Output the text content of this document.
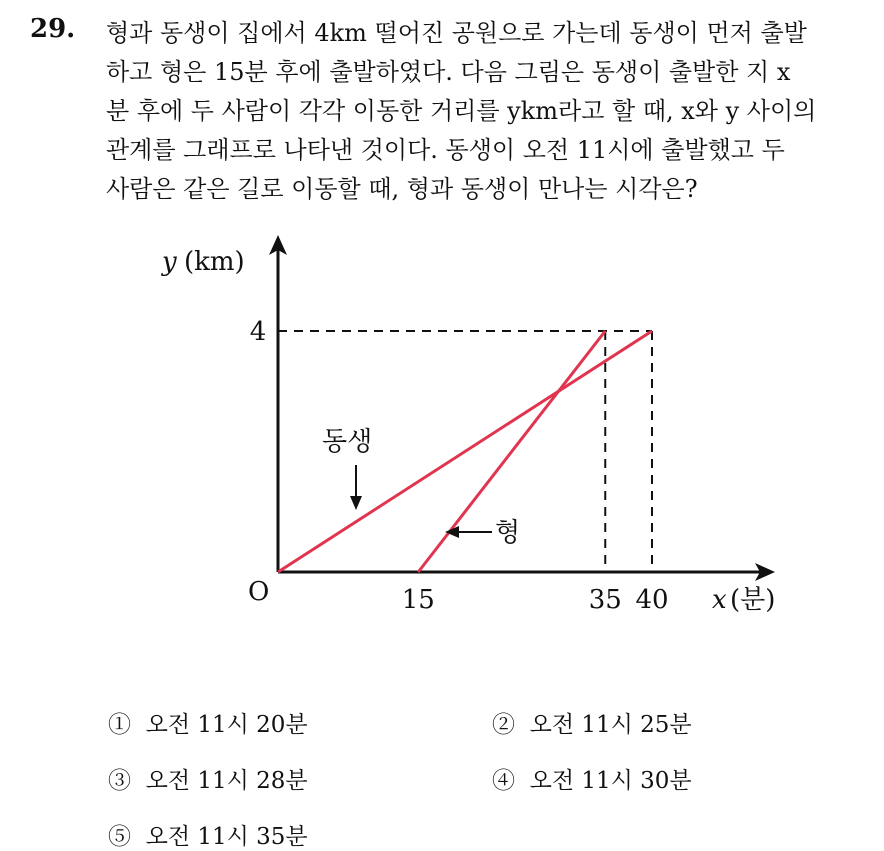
29. 형과 동생이 집에서 4km 떨어진 공원으로 가는데 동생이 먼저 출발
하고 형은 15분 후에 출발하였다. 다음 그림은 동생이 출발한 지 x
분 후에 두 사람이 각각 이동한 거리를 ykm라고 할 때, x와 y 사이의
관계를 그래프로 나타낸 것이다. 동생이 오전 11시에 출발했고 두
사람은 같은 길로 이동할 때, 형과 동생이 만나는 시각은?
15	35 40
4
y (km)
O	x (분)
동생
형
① 오전 11시 20분	② 오전 11시 25분
③ 오전 11시 28분	④ 오전 11시 30분
⑤ 오전 11시 35분
